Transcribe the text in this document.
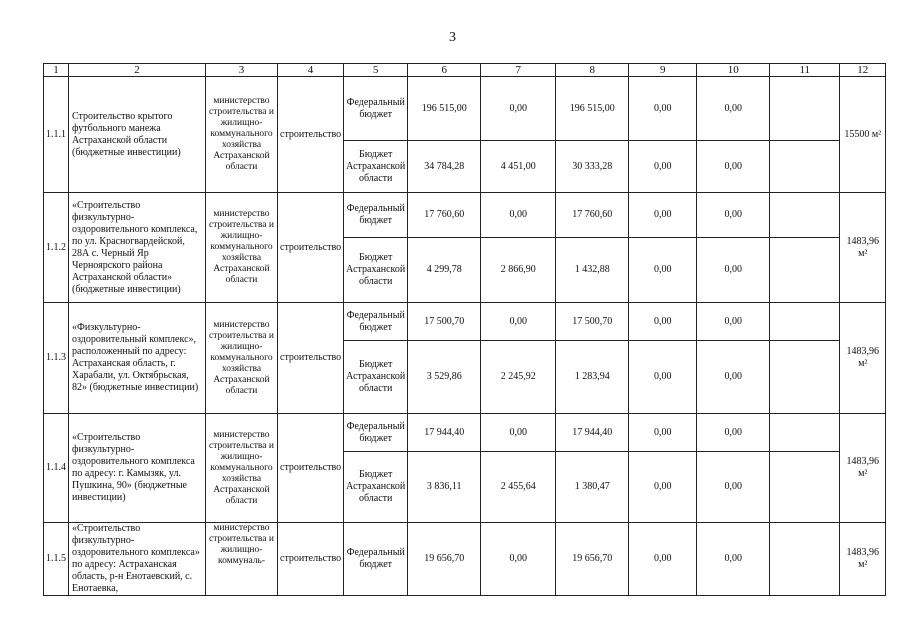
3
1	2	3	4	5	6	7	8	9	10	11	12
1.1.1	Строительство крытого футбольного манежа Астраханской области (бюджетные инвестиции)	министерство строительства и жилищно-коммунального хозяйства Астраханской области	строительство	Федеральный бюджет	196 515,00	0,00	196 515,00	0,00	0,00		15500 м²
				Бюджет Астраханской области	34 784,28	4 451,00	30 333,28	0,00	0,00		
1.1.2	«Строительство физкультурно-оздоровительного комплекса, по ул. Красногвардейской, 28А с. Черный Яр Черноярского района Астраханской области» (бюджетные инвестиции)	министерство строительства и жилищно-коммунального хозяйства Астраханской области	строительство	Федеральный бюджет	17 760,60	0,00	17 760,60	0,00	0,00		1483,96 м²
				Бюджет Астраханской области	4 299,78	2 866,90	1 432,88	0,00	0,00		
1.1.3	«Физкультурно-оздоровительный комплекс», расположенный по адресу: Астраханская область, г. Харабали, ул. Октябрьская, 82» (бюджетные инвестиции)	министерство строительства и жилищно-коммунального хозяйства Астраханской области	строительство	Федеральный бюджет	17 500,70	0,00	17 500,70	0,00	0,00		1483,96 м²
				Бюджет Астраханской области	3 529,86	2 245,92	1 283,94	0,00	0,00		
1.1.4	«Строительство физкультурно-оздоровительного комплекса по адресу: г. Камызяк, ул. Пушкина, 90» (бюджетные инвестиции)	министерство строительства и жилищно-коммунального хозяйства Астраханской области	строительство	Федеральный бюджет	17 944,40	0,00	17 944,40	0,00	0,00		1483,96 м²
				Бюджет Астраханской области	3 836,11	2 455,64	1 380,47	0,00	0,00		
1.1.5	«Строительство физкультурно-оздоровительного комплекса» по адресу: Астраханская область, р-н Енотаевский, с. Енотаевка,	министерство строительства и жилищно-коммуналь-	строительство	Федеральный бюджет	19 656,70	0,00	19 656,70	0,00	0,00		1483,96 м²
